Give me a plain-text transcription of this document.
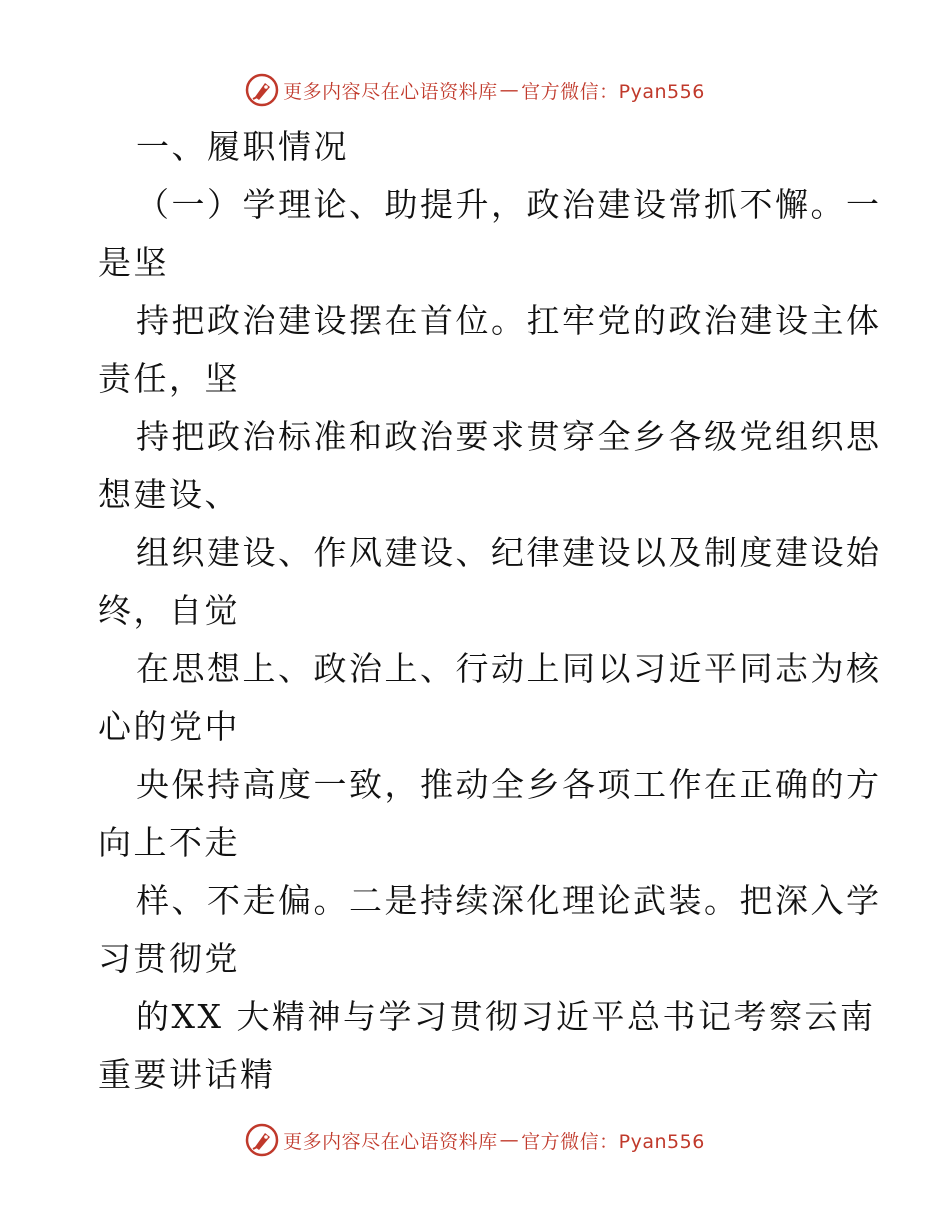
更多内容尽在心语资料库 — 官方微信：Pyan556
一、履职情况
（一）学理论、助提升，政治建设常抓不懈。一
是坚
持把政治建设摆在首位。扛牢党的政治建设主体
责任，坚
持把政治标准和政治要求贯穿全乡各级党组织思
想建设、
组织建设、作风建设、纪律建设以及制度建设始
终，自觉
在思想上、政治上、行动上同以习近平同志为核
心的党中
央保持高度一致，推动全乡各项工作在正确的方
向上不走
样、不走偏。二是持续深化理论武装。把深入学
习贯彻党
的XX 大精神与学习贯彻习近平总书记考察云南
重要讲话精
更多内容尽在心语资料库 — 官方微信：Pyan556
